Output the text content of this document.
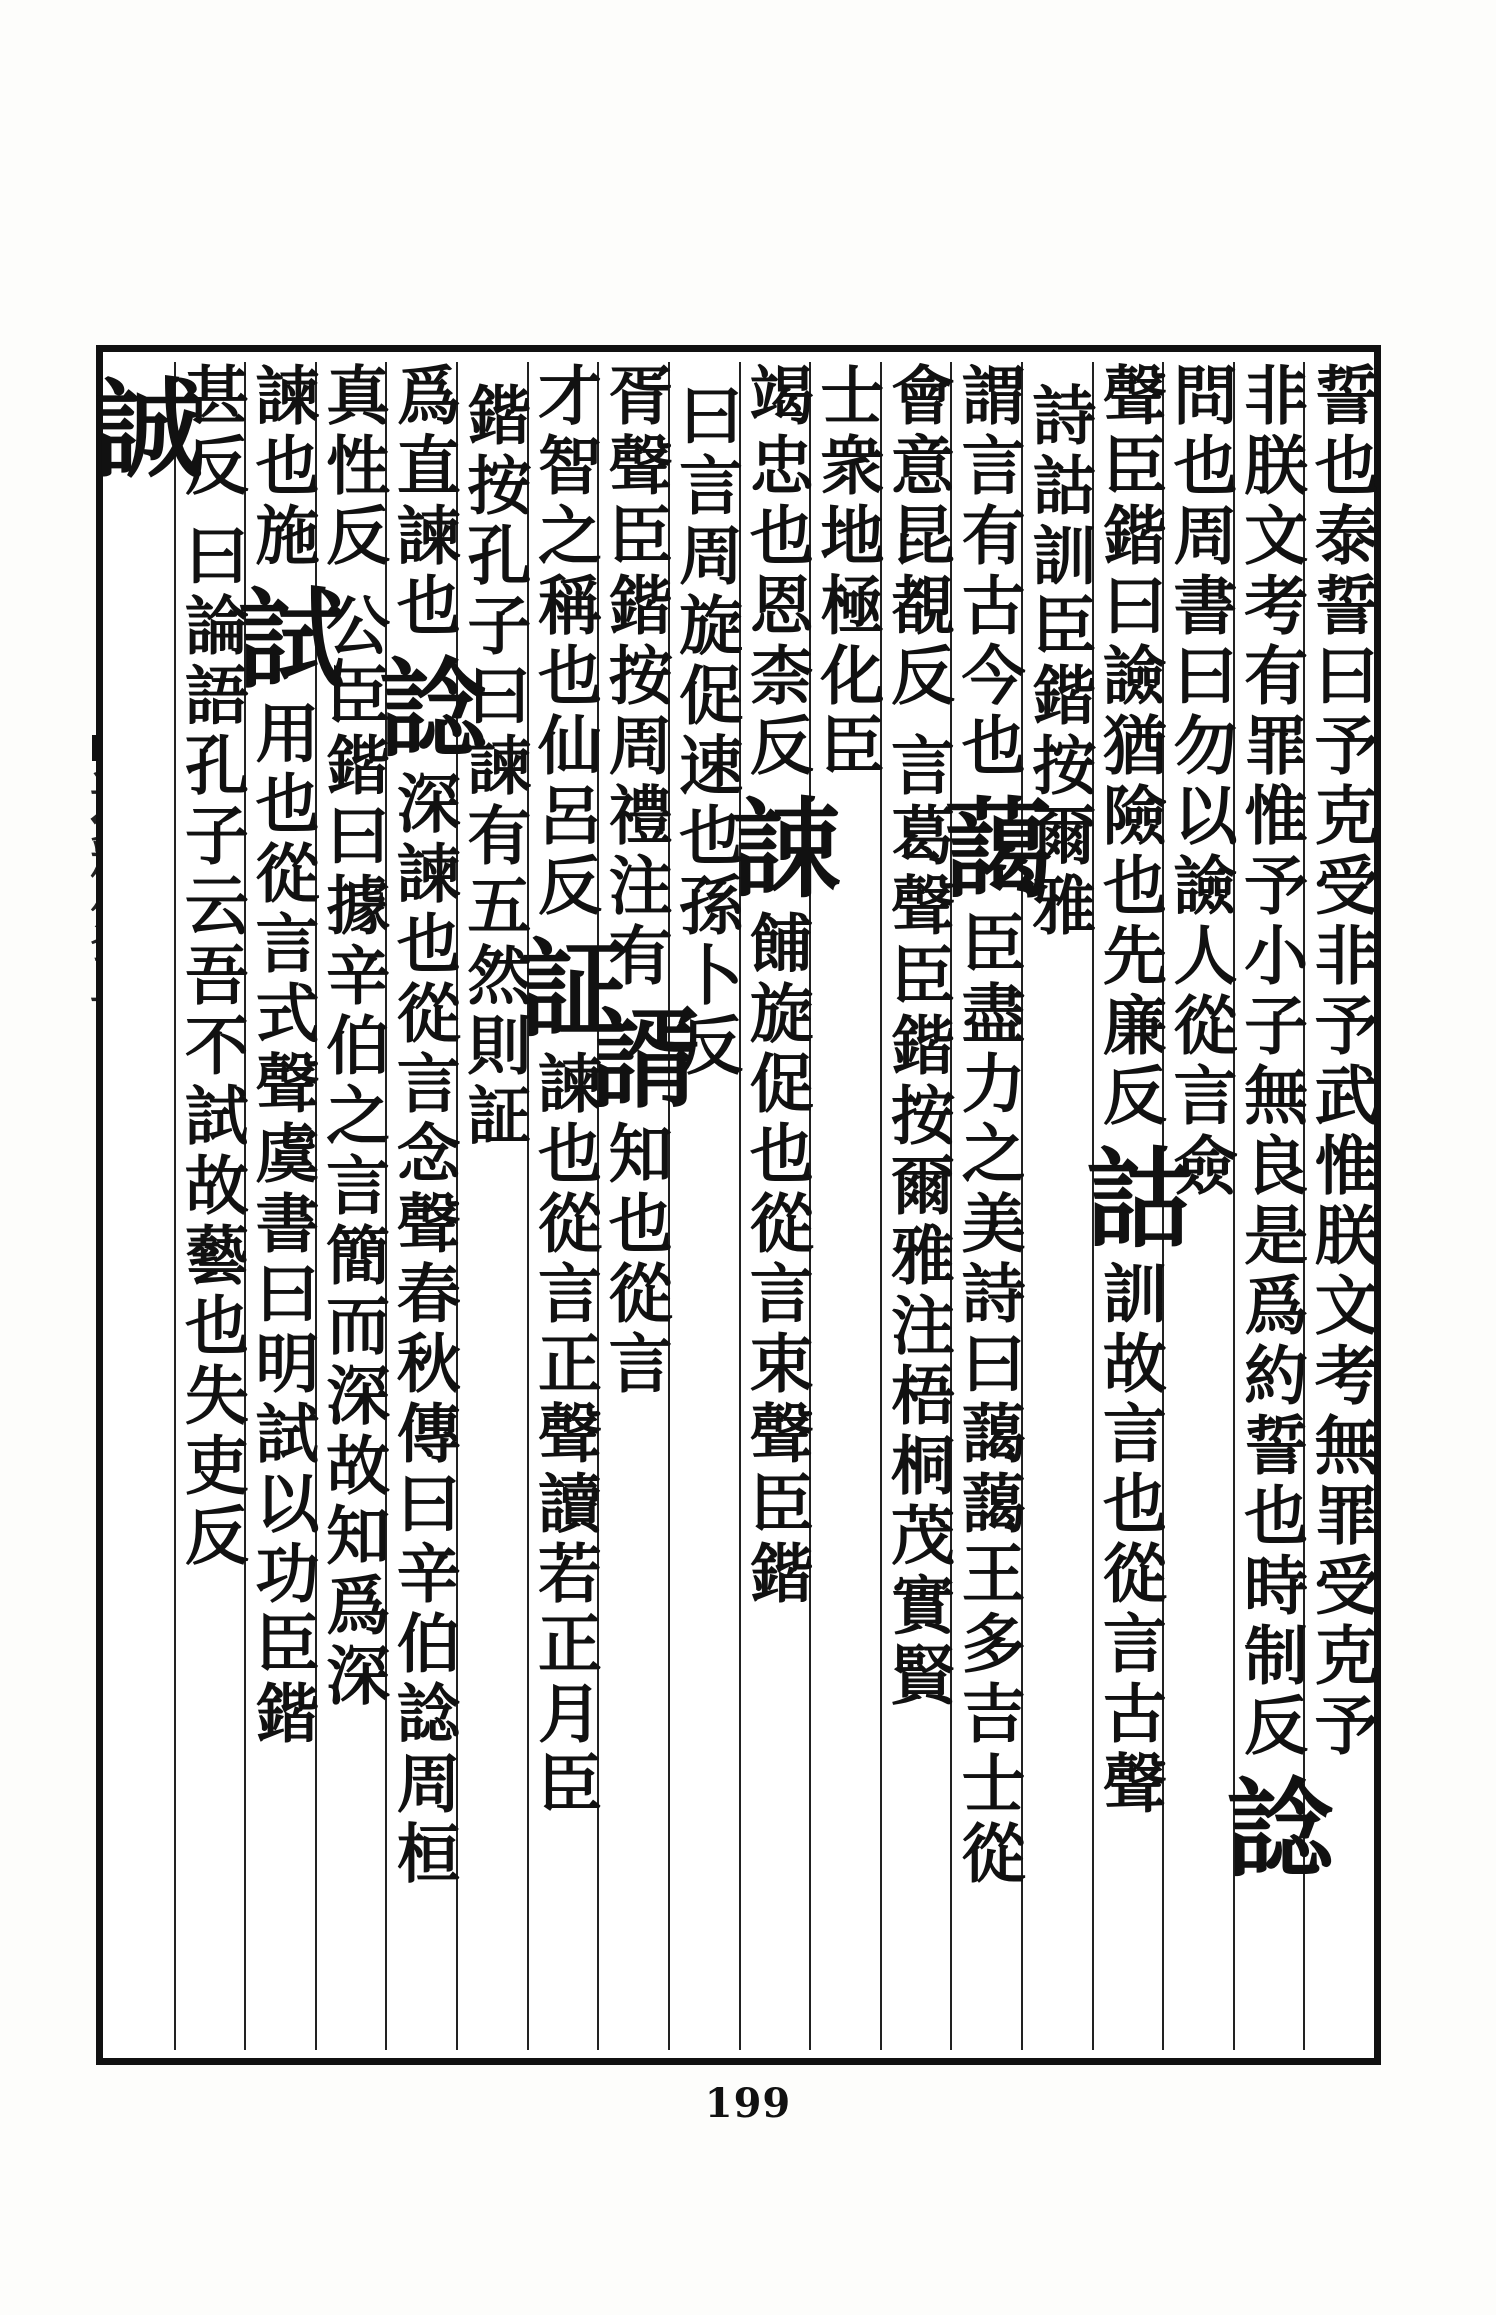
誓也泰誓曰予克受非予武惟朕文考無罪受克予
非朕文考有罪惟予小子無良是爲約誓也時制反
諗
問也周書曰勿以譣人從言僉
聲臣鍇曰譣猶險也先廉反
詁
訓故言也從言古聲
詩詁訓臣鍇按爾雅
謂言有古今也
藹
臣盡力之美詩曰藹藹王多吉士從
會意昆覩反
言葛聲臣鍇按爾雅注梧桐茂實賢
士衆地極化臣
竭忠也恩柰反
誎
餔旋促也從言束聲臣鍇
曰言周旋促速也孫卜反
胥聲臣鍇按周禮注有
諝
知也從言
才智之稱也仙呂反
証
諫也從言正聲讀若正月臣
鍇按孔子曰諫有五然則証
爲直諫也
諗
深諫也從言念聲春秋傳曰辛伯諗周桓
真性反
公臣鍇曰據辛伯之言簡而深故知爲深
諫也施
試
用也從言式聲虞書曰明試以功臣鍇
甚反
曰論語孔子云吾不試故藝也失吏反
誠
199
